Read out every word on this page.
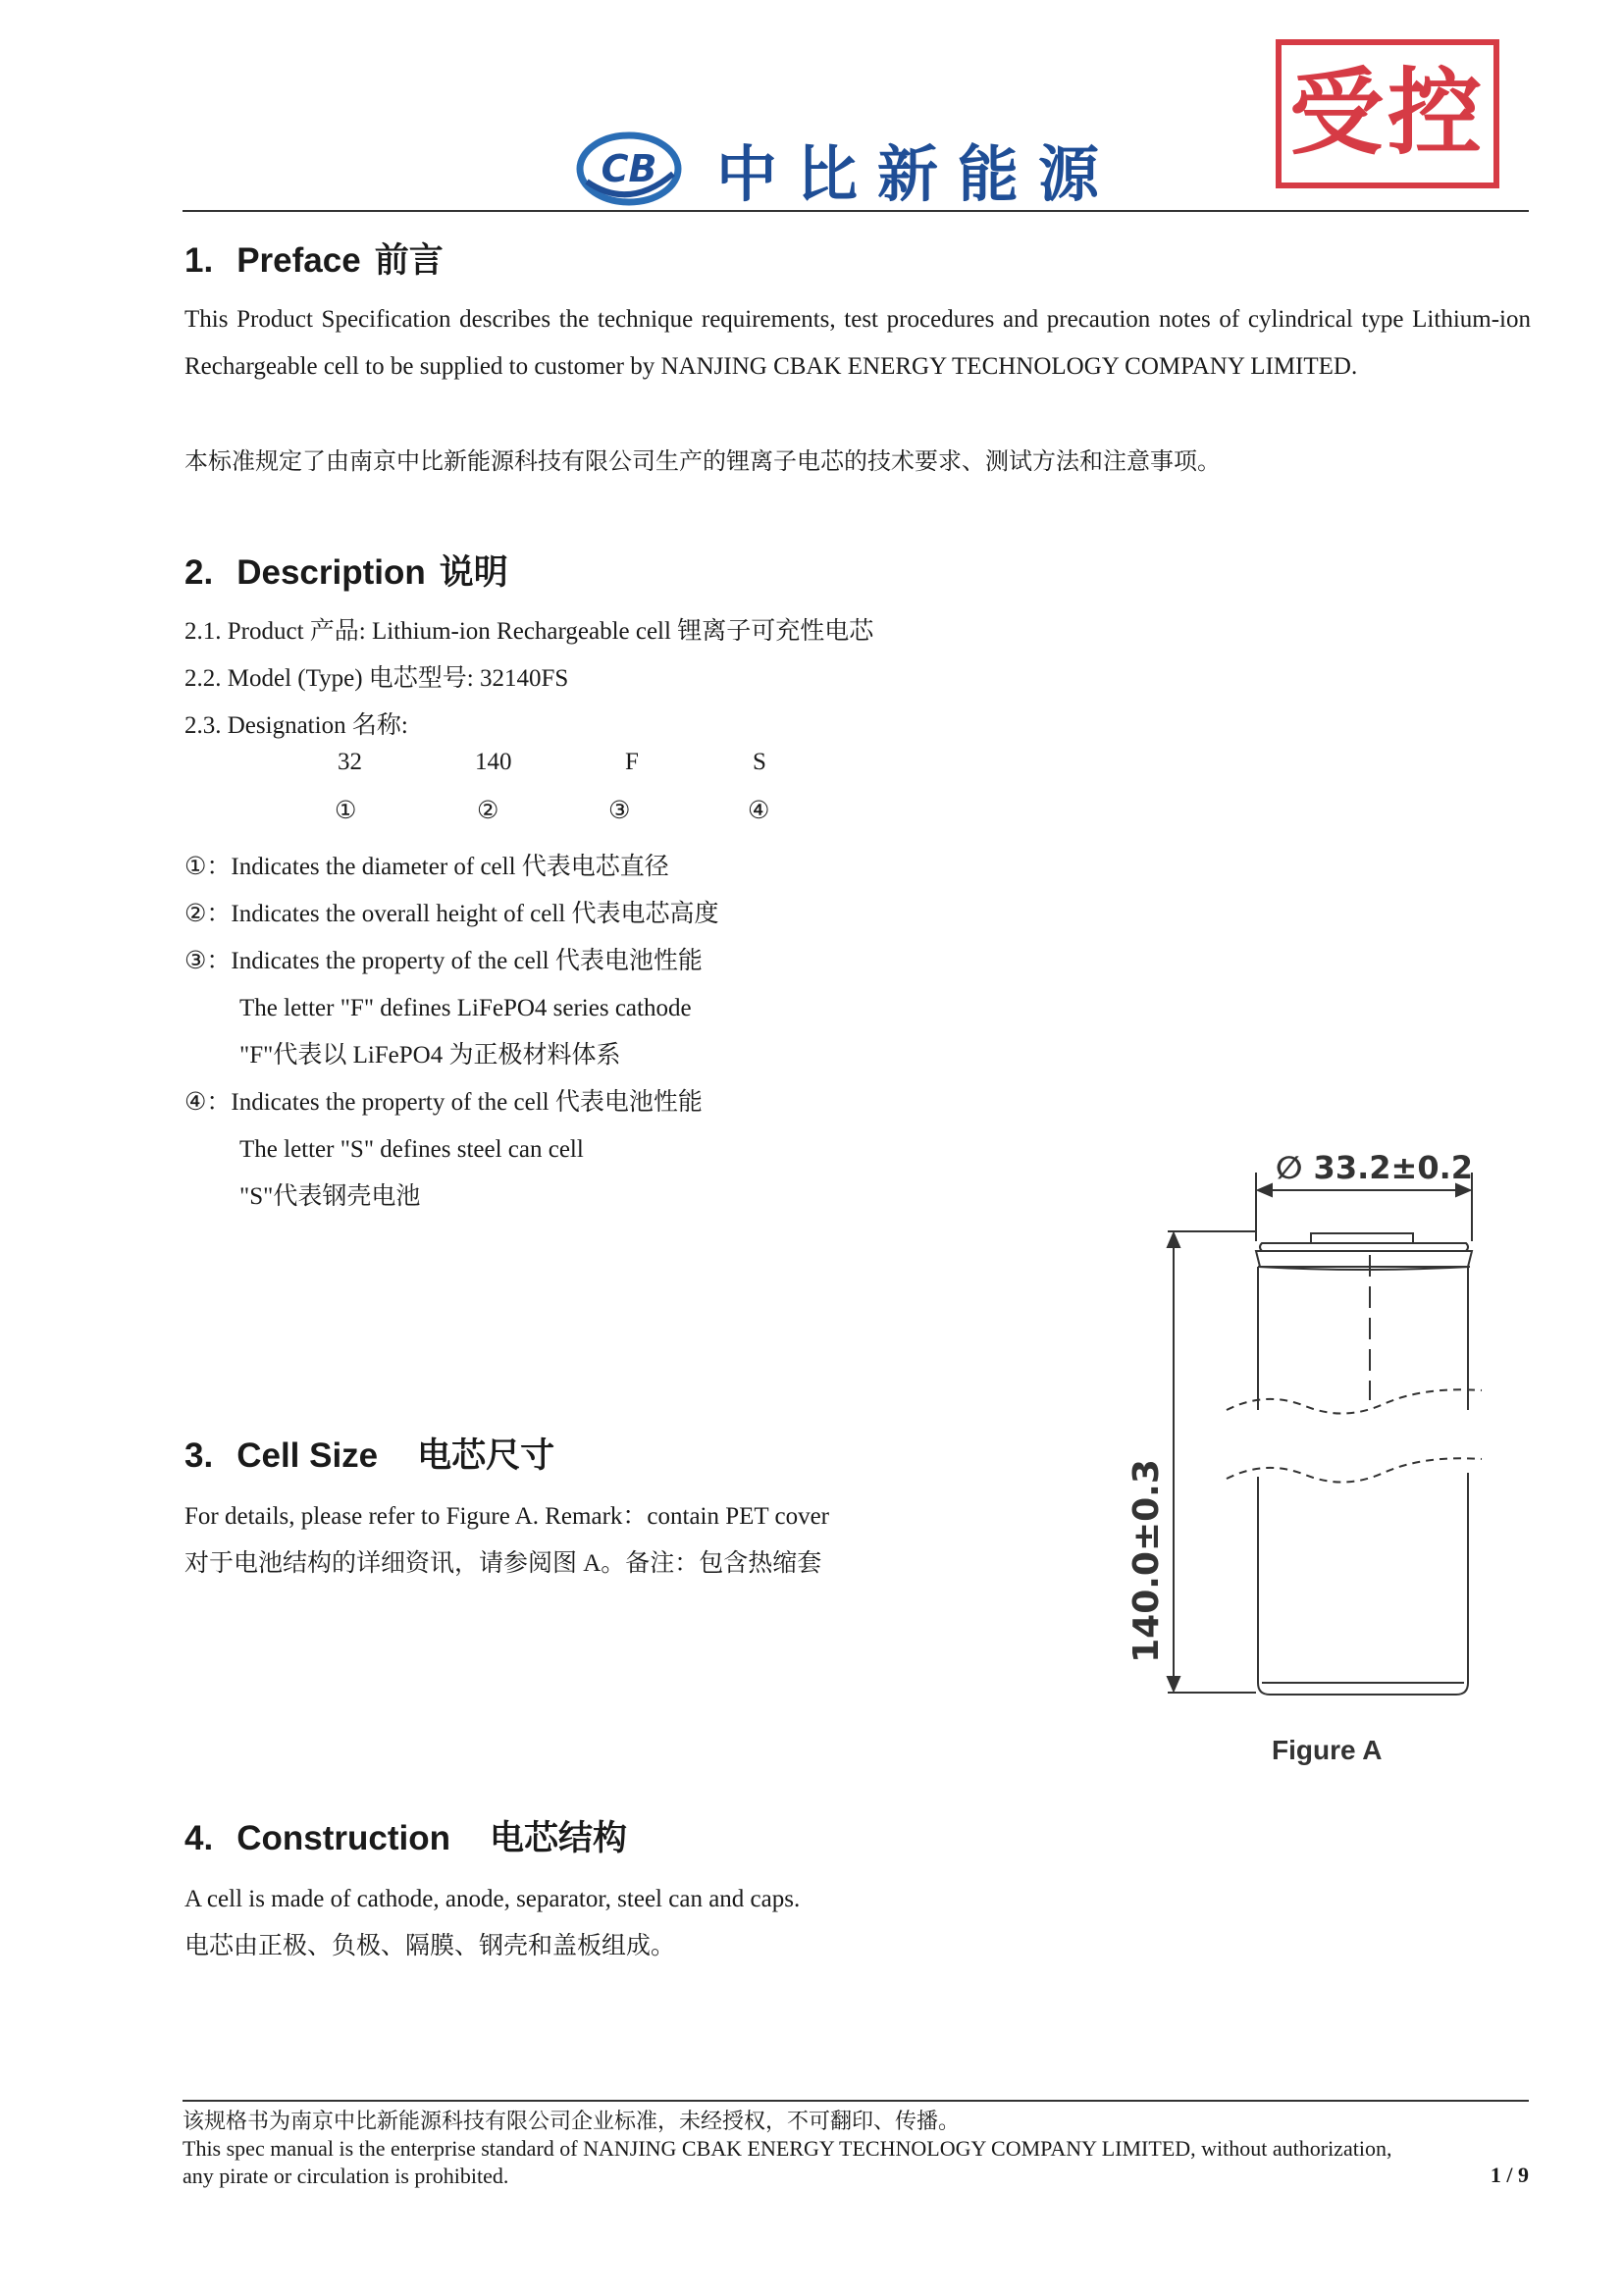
CB 中比新能源
受控
1. Preface 前言
This Product Specification describes the technique requirements, test procedures and precaution notes of cylindrical type Lithium-ion Rechargeable cell to be supplied to customer by NANJING CBAK ENERGY TECHNOLOGY COMPANY LIMITED.
本标准规定了由南京中比新能源科技有限公司生产的锂离子电芯的技术要求、测试方法和注意事项。
2. Description 说明
2.1. Product 产品: Lithium-ion Rechargeable cell 锂离子可充性电芯
2.2. Model (Type) 电芯型号: 32140FS
2.3. Designation 名称:
32	140	F	S
①	②	③	④
①：Indicates the diameter of cell 代表电芯直径
②：Indicates the overall height of cell 代表电芯高度
③：Indicates the property of the cell 代表电池性能
The letter "F" defines LiFePO4 series cathode
"F"代表以 LiFePO4 为正极材料体系
④：Indicates the property of the cell 代表电池性能
The letter "S" defines steel can cell
"S"代表钢壳电池
∅ 33.2±0.2
140.0±0.3
Figure A
3. Cell Size 电芯尺寸
For details, please refer to Figure A. Remark：contain PET cover
对于电池结构的详细资讯，请参阅图 A。备注：包含热缩套
4. Construction 电芯结构
A cell is made of cathode, anode, separator, steel can and caps.
电芯由正极、负极、隔膜、钢壳和盖板组成。
该规格书为南京中比新能源科技有限公司企业标准，未经授权，不可翻印、传播。
This spec manual is the enterprise standard of NANJING CBAK ENERGY TECHNOLOGY COMPANY LIMITED, without authorization,
any pirate or circulation is prohibited.	1 / 9
